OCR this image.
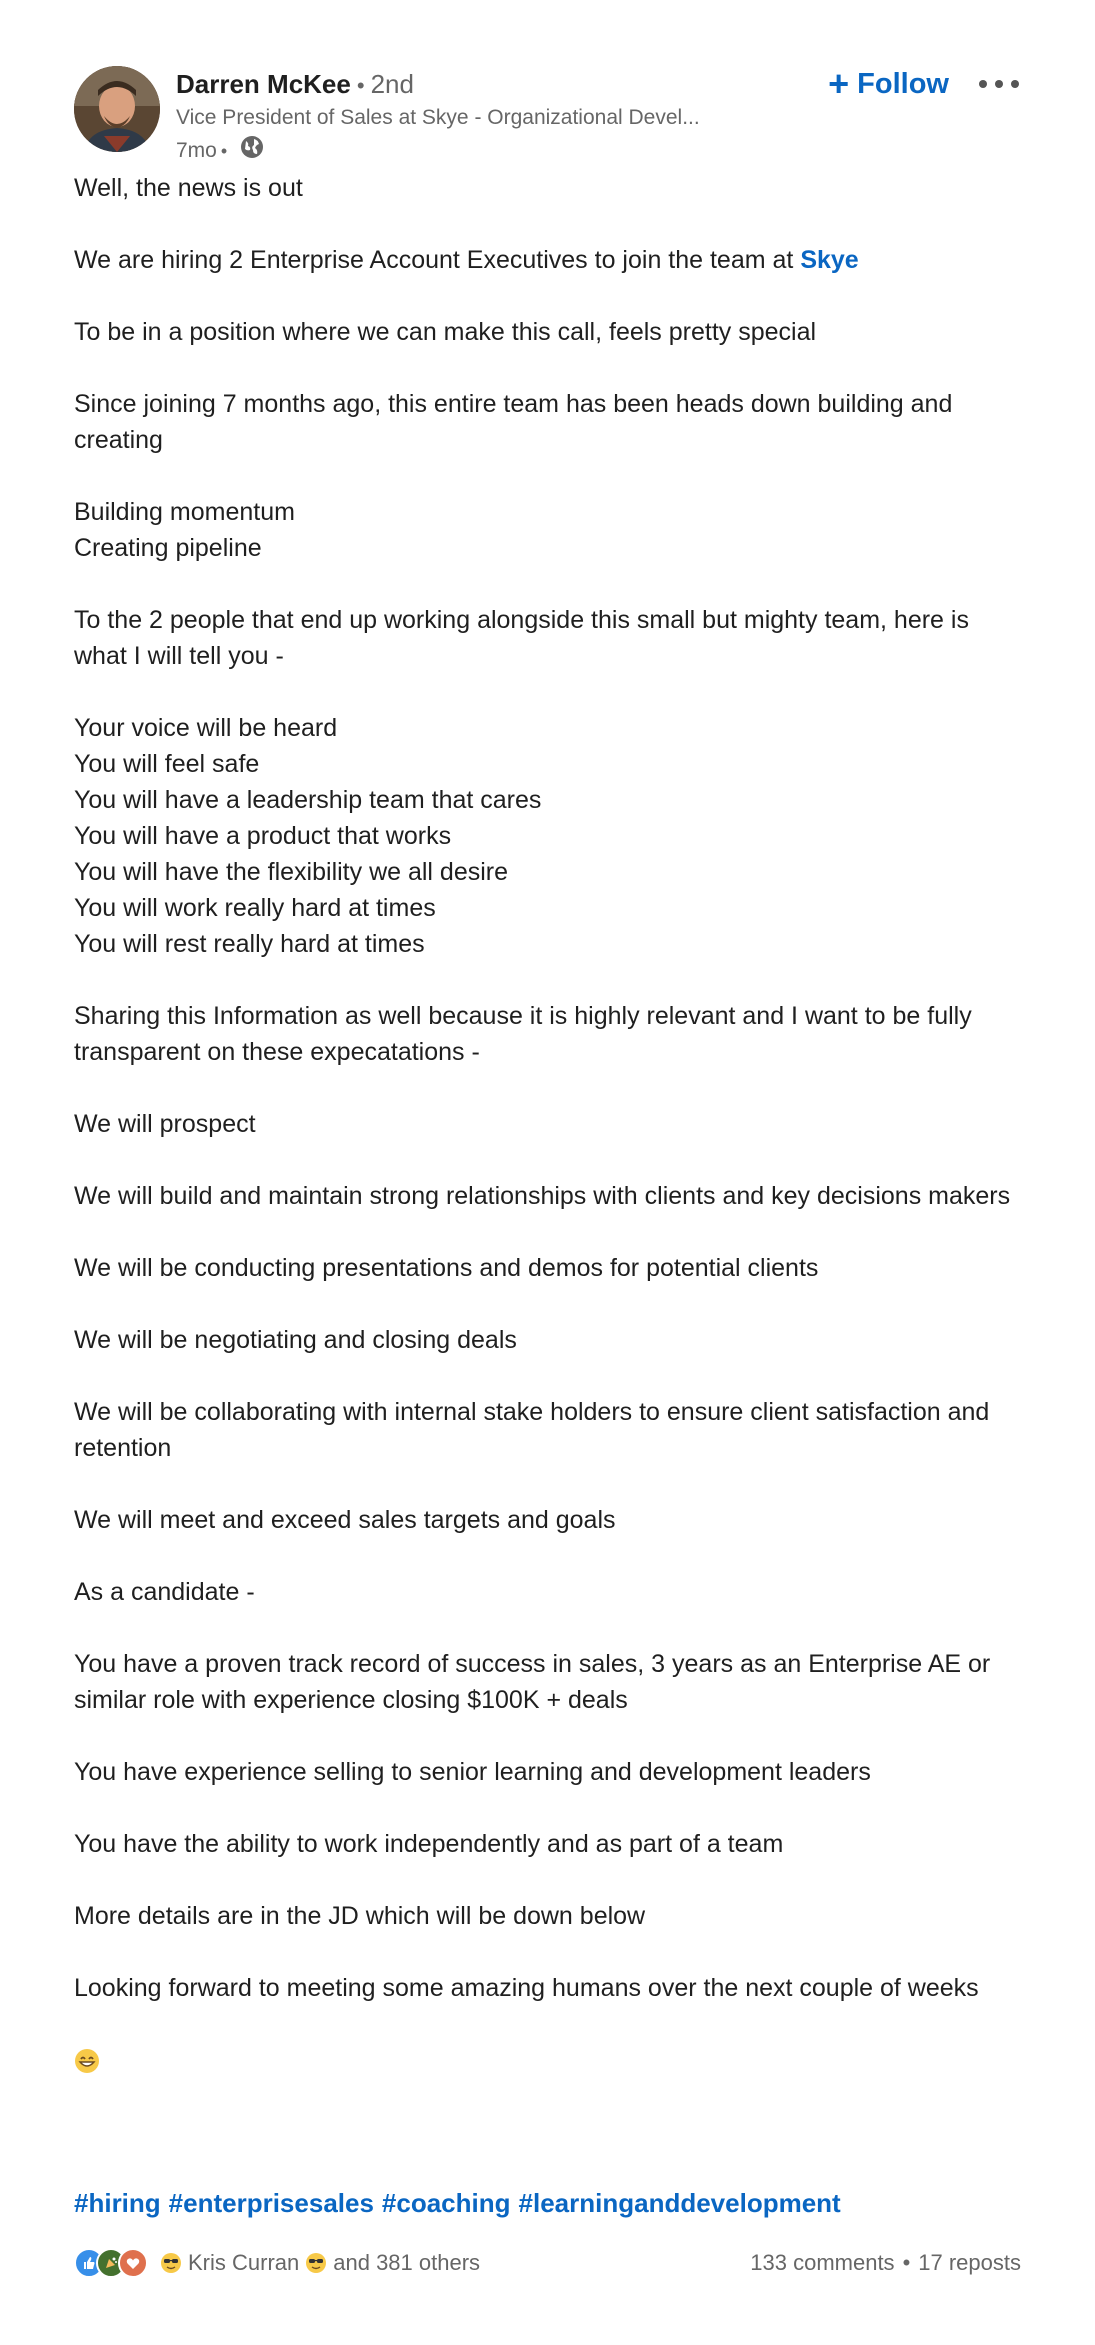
Darren McKee • 2nd
Vice President of Sales at Skye - Organizational Devel...
7mo •
+ Follow

Well, the news is out

We are hiring 2 Enterprise Account Executives to join the team at Skye

To be in a position where we can make this call, feels pretty special

Since joining 7 months ago, this entire team has been heads down building and creating

Building momentum

Creating pipeline

To the 2 people that end up working alongside this small but mighty team, here is what I will tell you -

Your voice will be heard

You will feel safe

You will have a leadership team that cares

You will have a product that works

You will have the flexibility we all desire

You will work really hard at times

You will rest really hard at times

Sharing this Information as well because it is highly relevant and I want to be fully transparent on these expecatations -

We will prospect

We will build and maintain strong relationships with clients and key decisions makers

We will be conducting presentations and demos for potential clients

We will be negotiating and closing deals

We will be collaborating with internal stake holders to ensure client satisfaction and retention

We will meet and exceed sales targets and goals

As a candidate -

You have a proven track record of success in sales, 3 years as an Enterprise AE or similar role with experience closing $100K + deals

You have experience selling to senior learning and development leaders

You have the ability to work independently and as part of a team

More details are in the JD which will be down below

Looking forward to meeting some amazing humans over the next couple of weeks

#hiring #enterprisesales #coaching #learninganddevelopment
Kris Curran and 381 others	133 comments • 17 reposts
